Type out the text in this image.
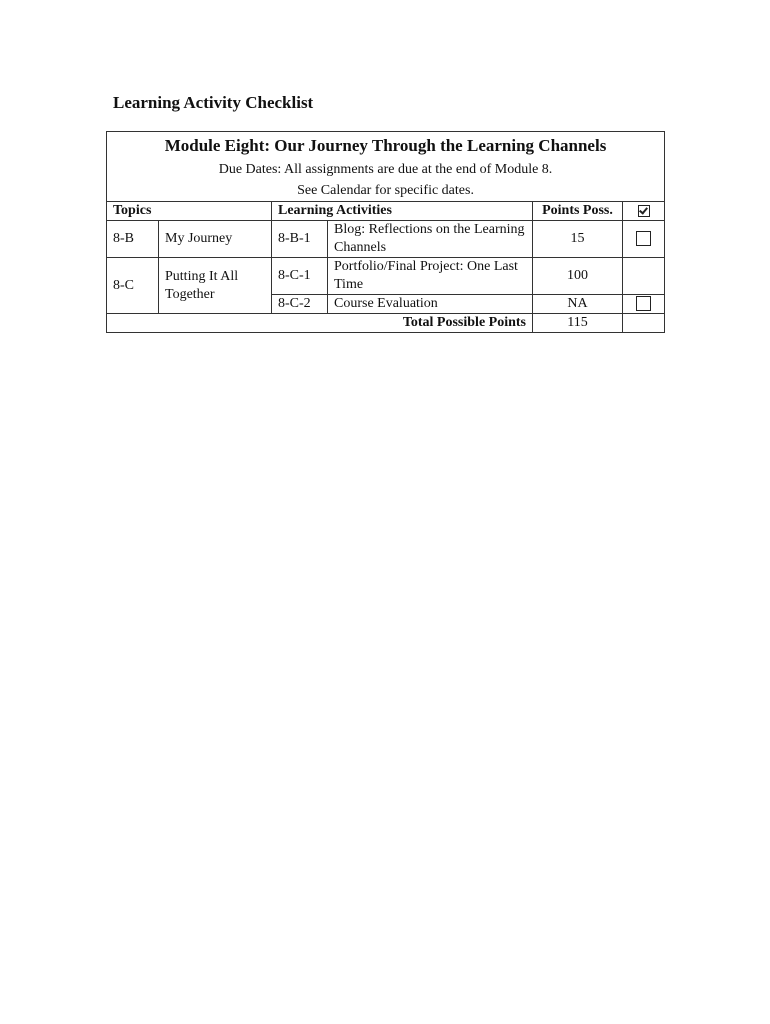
Learning Activity Checklist
Module Eight: Our Journey Through the Learning Channels
Due Dates: All assignments are due at the end of Module 8.
See Calendar for specific dates.					

Topics		Learning Activities		Points Poss.	
8-B	My Journey	8-B-1	Blog: Reflections on the Learning Channels	15	
8-C	Putting It All Together	8-C-1	Portfolio/Final Project: One Last Time	100	
		8-C-2	Course Evaluation	NA	
Total Possible Points				115	
